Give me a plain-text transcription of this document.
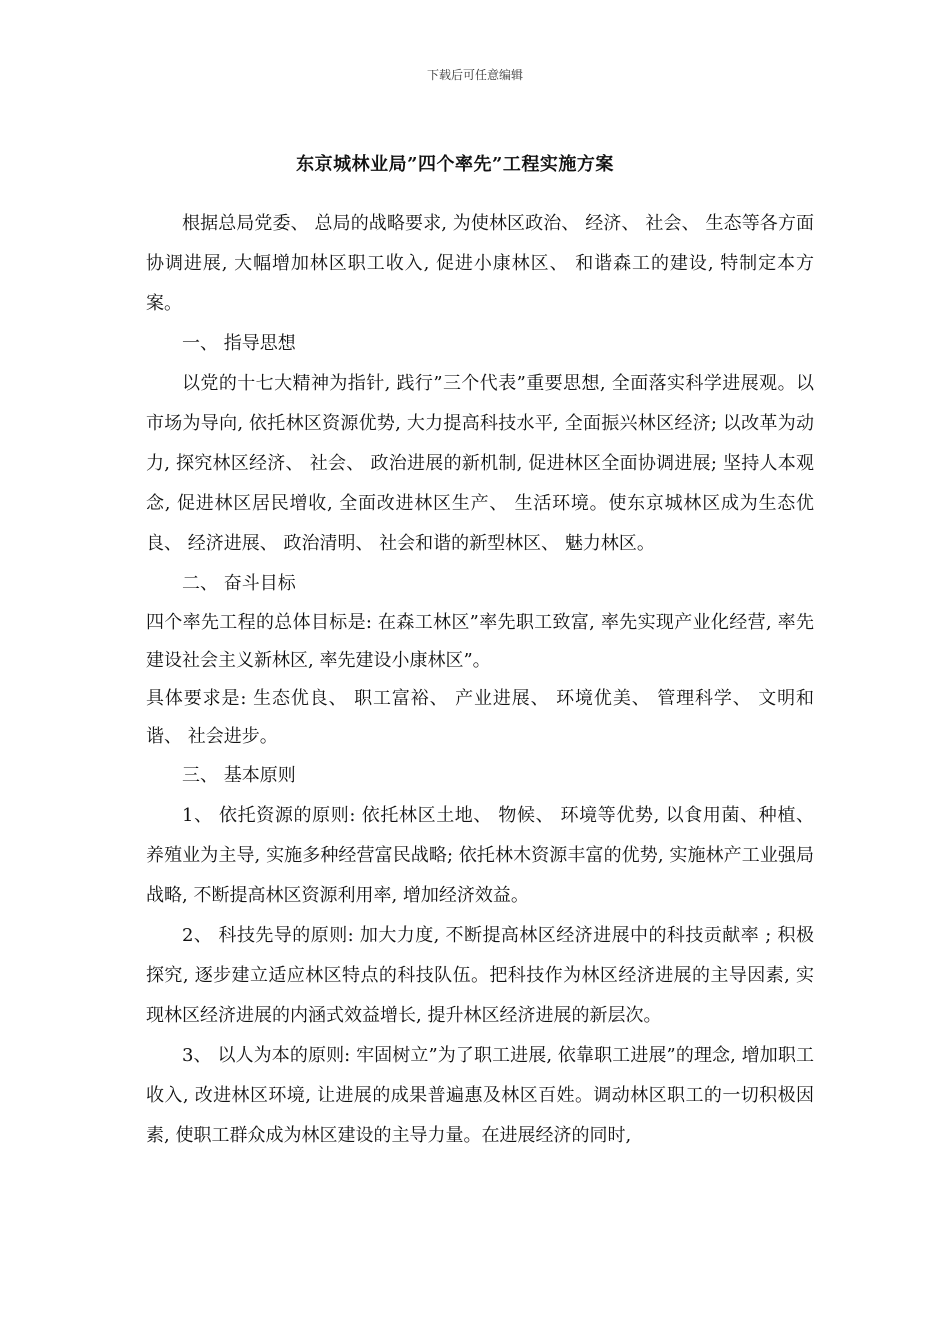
下载后可任意编辑
东京城林业局”四个率先”工程实施方案

根据总局党委、 总局的战略要求, 为使林区政治、 经济、 社会、 生态等各方面协调进展, 大幅增加林区职工收入, 促进小康林区、 和谐森工的建设, 特制定本方案。

一、 指导思想

以党的十七大精神为指针, 践行”三个代表”重要思想, 全面落实科学进展观。以市场为导向, 依托林区资源优势, 大力提高科技水平, 全面振兴林区经济; 以改革为动力, 探究林区经济、 社会、 政治进展的新机制, 促进林区全面协调进展; 坚持人本观念, 促进林区居民增收, 全面改进林区生产、 生活环境。使东京城林区成为生态优良、 经济进展、 政治清明、 社会和谐的新型林区、 魅力林区。

二、 奋斗目标

四个率先工程的总体目标是: 在森工林区”率先职工致富, 率先实现产业化经营, 率先建设社会主义新林区, 率先建设小康林区”。

具体要求是: 生态优良、 职工富裕、 产业进展、 环境优美、 管理科学、 文明和谐、 社会进步。

三、 基本原则

1、 依托资源的原则: 依托林区土地、 物候、 环境等优势, 以食用菌、种植、 养殖业为主导, 实施多种经营富民战略; 依托林木资源丰富的优势, 实施林产工业强局战略, 不断提高林区资源利用率, 增加经济效益。

2、 科技先导的原则: 加大力度, 不断提高林区经济进展中的科技贡献率 ; 积极探究, 逐步建立适应林区特点的科技队伍。把科技作为林区经济进展的主导因素, 实现林区经济进展的内涵式效益增长, 提升林区经济进展的新层次。

3、 以人为本的原则: 牢固树立”为了职工进展, 依靠职工进展”的理念, 增加职工收入, 改进林区环境, 让进展的成果普遍惠及林区百姓。调动林区职工的一切积极因素, 使职工群众成为林区建设的主导力量。在进展经济的同时,
